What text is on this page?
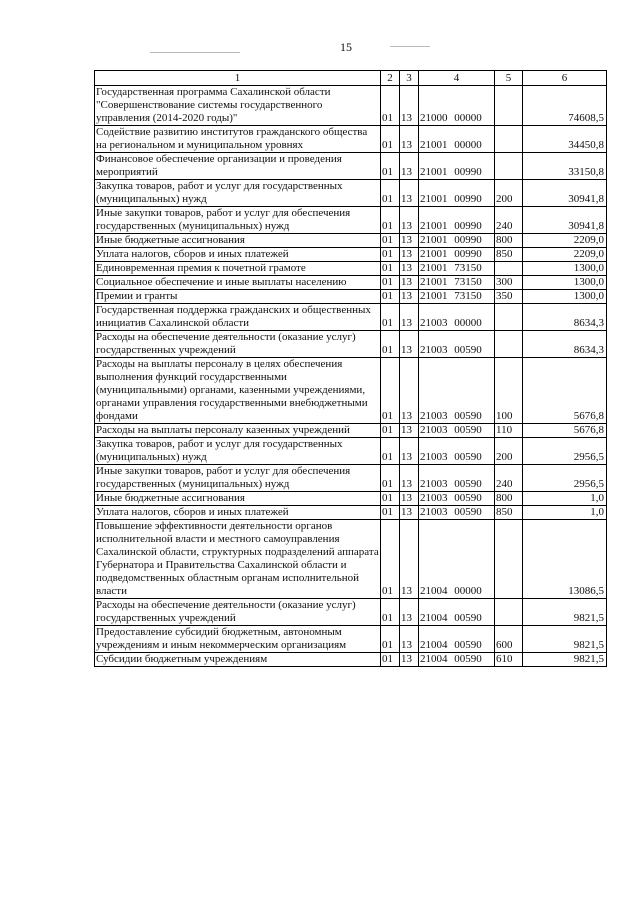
15
1	2	3	4	5	6
Государственная программа Сахалинской области "Совершенствование системы государственного управления (2014-2020 годы)"	01	13	21000 00000		74608,5
Содействие развитию институтов гражданского общества на региональном и муниципальном уровнях	01	13	21001 00000		34450,8
Финансовое обеспечение организации и проведения мероприятий	01	13	21001 00990		33150,8
Закупка товаров, работ и услуг для государственных (муниципальных) нужд	01	13	21001 00990	200	30941,8
Иные закупки товаров, работ и услуг для обеспечения государственных (муниципальных) нужд	01	13	21001 00990	240	30941,8
Иные бюджетные ассигнования	01	13	21001 00990	800	2209,0
Уплата налогов, сборов и иных платежей	01	13	21001 00990	850	2209,0
Единовременная премия к почетной грамоте	01	13	21001 73150		1300,0
Социальное обеспечение и иные выплаты населению	01	13	21001 73150	300	1300,0
Премии и гранты	01	13	21001 73150	350	1300,0
Государственная поддержка гражданских и общественных инициатив Сахалинской области	01	13	21003 00000		8634,3
Расходы на обеспечение деятельности (оказание услуг) государственных учреждений	01	13	21003 00590		8634,3
Расходы на выплаты персоналу в целях обеспечения выполнения функций государственными (муниципальными) органами, казенными учреждениями, органами управления государственными внебюджетными фондами	01	13	21003 00590	100	5676,8
Расходы на выплаты персоналу казенных учреждений	01	13	21003 00590	110	5676,8
Закупка товаров, работ и услуг для государственных (муниципальных) нужд	01	13	21003 00590	200	2956,5
Иные закупки товаров, работ и услуг для обеспечения государственных (муниципальных) нужд	01	13	21003 00590	240	2956,5
Иные бюджетные ассигнования	01	13	21003 00590	800	1,0
Уплата налогов, сборов и иных платежей	01	13	21003 00590	850	1,0
Повышение эффективности деятельности органов исполнительной власти и местного самоуправления Сахалинской области, структурных подразделений аппарата Губернатора и Правительства Сахалинской области и подведомственных областным органам исполнительной власти	01	13	21004 00000		13086,5
Расходы на обеспечение деятельности (оказание услуг) государственных учреждений	01	13	21004 00590		9821,5
Предоставление субсидий бюджетным, автономным учреждениям и иным некоммерческим организациям	01	13	21004 00590	600	9821,5
Субсидии бюджетным учреждениям	01	13	21004 00590	610	9821,5
